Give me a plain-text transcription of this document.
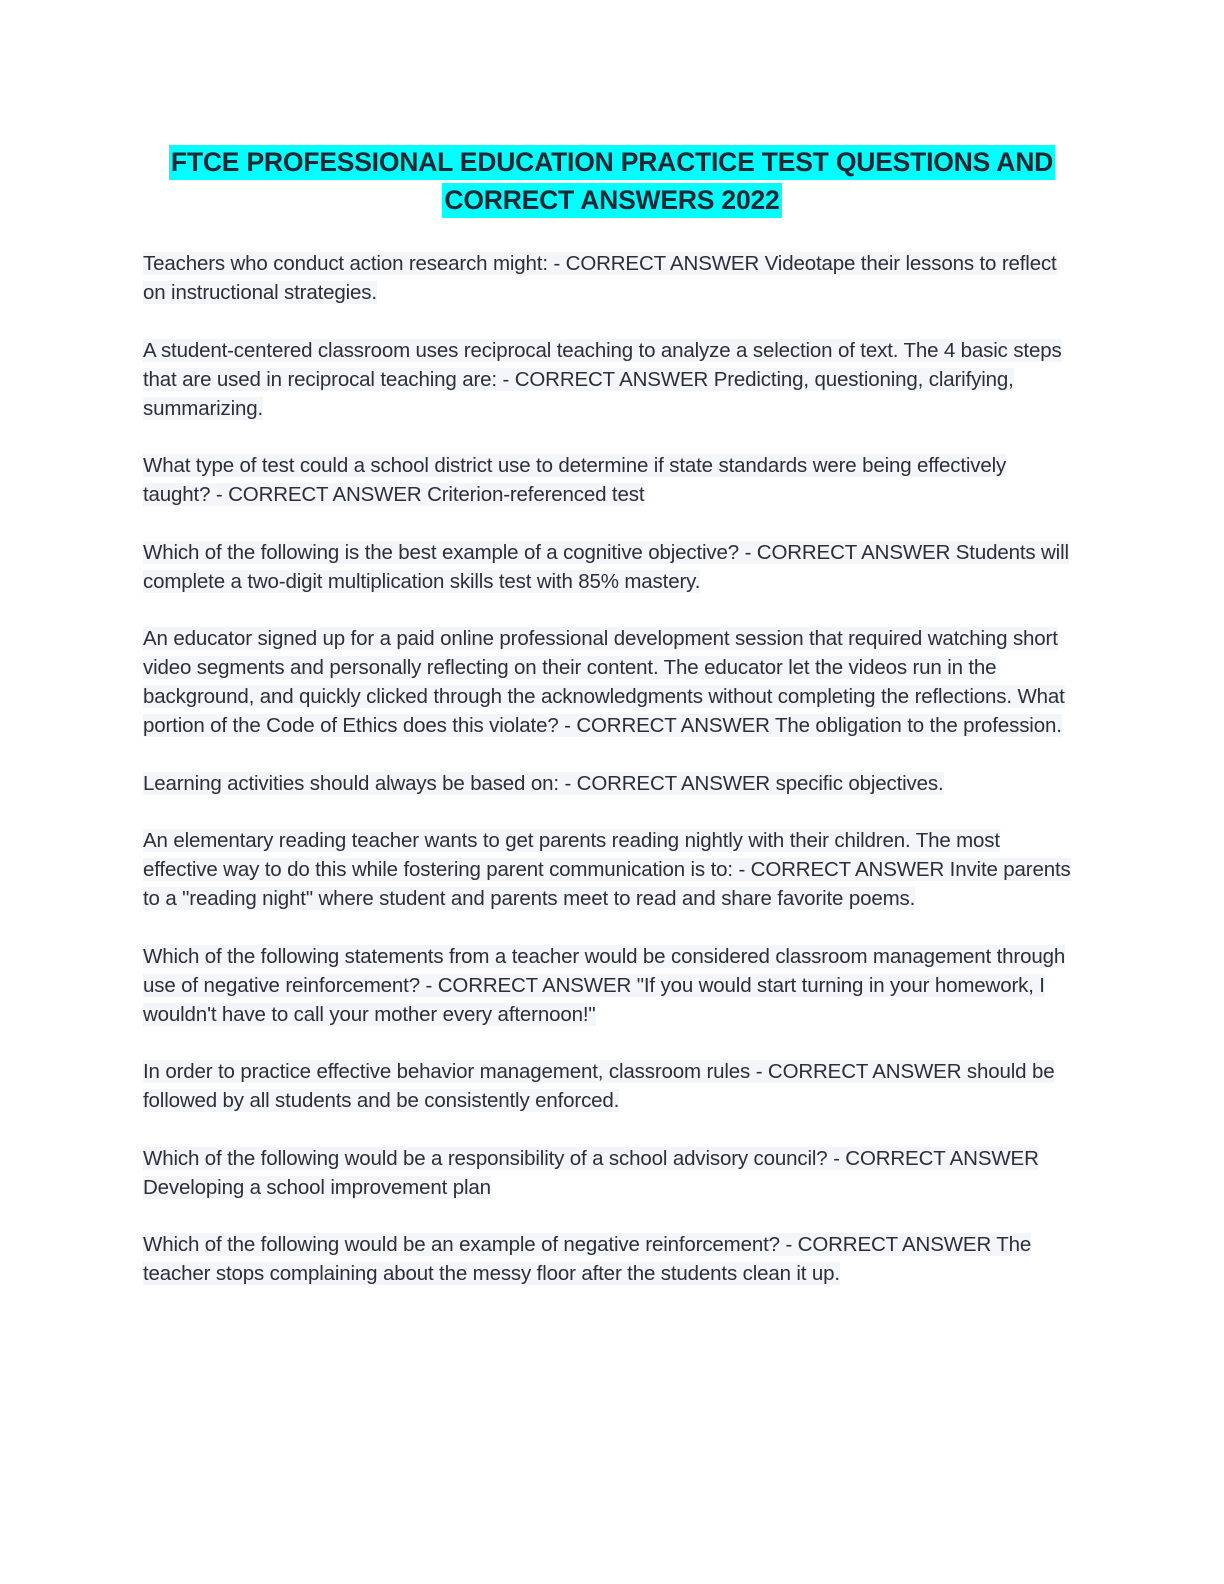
FTCE PROFESSIONAL EDUCATION PRACTICE TEST QUESTIONS AND CORRECT ANSWERS 2022

Teachers who conduct action research might: - CORRECT ANSWER Videotape their lessons to reflect on instructional strategies.

A student-centered classroom uses reciprocal teaching to analyze a selection of text. The 4 basic steps that are used in reciprocal teaching are: - CORRECT ANSWER Predicting, questioning, clarifying, summarizing.

What type of test could a school district use to determine if state standards were being effectively taught? - CORRECT ANSWER Criterion-referenced test

Which of the following is the best example of a cognitive objective? - CORRECT ANSWER Students will complete a two-digit multiplication skills test with 85% mastery.

An educator signed up for a paid online professional development session that required watching short video segments and personally reflecting on their content. The educator let the videos run in the background, and quickly clicked through the acknowledgments without completing the reflections. What portion of the Code of Ethics does this violate? - CORRECT ANSWER The obligation to the profession.

Learning activities should always be based on: - CORRECT ANSWER specific objectives.

An elementary reading teacher wants to get parents reading nightly with their children. The most effective way to do this while fostering parent communication is to: - CORRECT ANSWER Invite parents to a "reading night" where student and parents meet to read and share favorite poems.

Which of the following statements from a teacher would be considered classroom management through use of negative reinforcement? - CORRECT ANSWER "If you would start turning in your homework, I wouldn't have to call your mother every afternoon!"

In order to practice effective behavior management, classroom rules - CORRECT ANSWER should be followed by all students and be consistently enforced.

Which of the following would be a responsibility of a school advisory council? - CORRECT ANSWER Developing a school improvement plan

Which of the following would be an example of negative reinforcement? - CORRECT ANSWER The teacher stops complaining about the messy floor after the students clean it up.
